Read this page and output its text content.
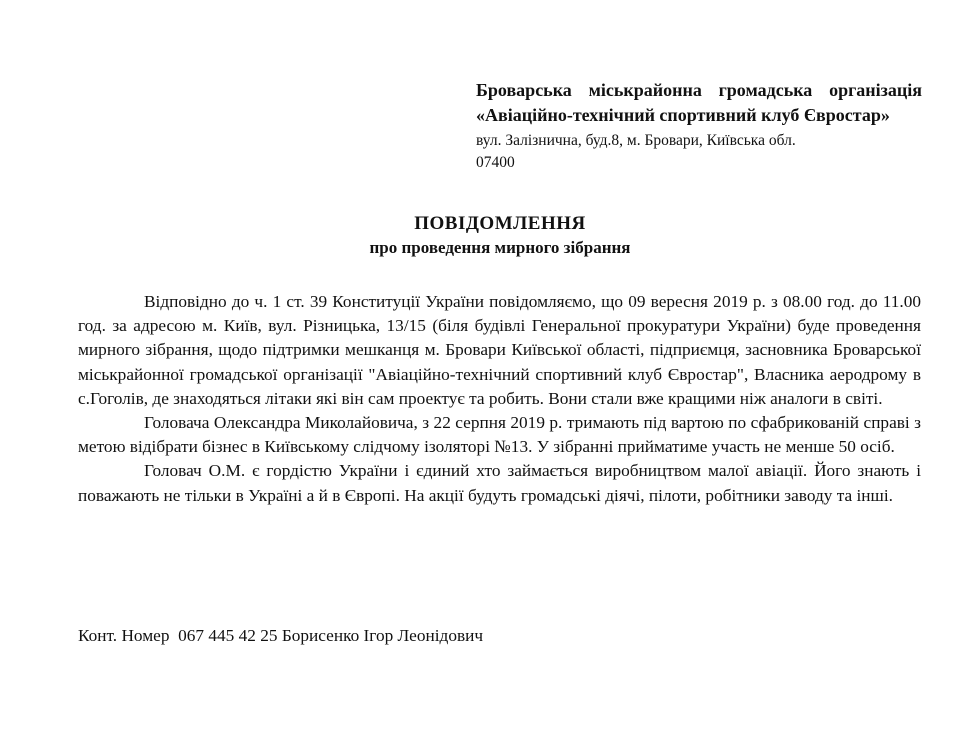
Броварська міськрайонна громадська організація «Авіаційно-технічний спортивний клуб Євростар»
вул. Залізнична, буд.8, м. Бровари, Київська обл.
07400
ПОВІДОМЛЕННЯ
про проведення мирного зібрання

Відповідно до ч. 1 ст. 39 Конституції України повідомляємо, що 09 вересня 2019 р. з 08.00 год. до 11.00 год. за адресою м. Київ, вул. Різницька, 13/15 (біля будівлі Генеральної прокуратури України) буде проведення мирного зібрання, щодо підтримки мешканця м. Бровари Київської області, підприємця, засновника Броварської міськрайонної громадської організації "Авіаційно-технічний спортивний клуб Євростар", Власника аеродрому в с.Гоголів, де знаходяться літаки які він сам проектує та робить. Вони стали вже кращими ніж аналоги в світі.

Головача Олександра Миколайовича, з 22 серпня 2019 р. тримають під вартою по сфабрикованій справі з метою відібрати бізнес в Київському слідчому ізоляторі №13. У зібранні прийматиме участь не менше 50 осіб.

Головач О.М. є гордістю України і єдиний хто займається виробництвом малої авіації. Його знають і поважають не тільки в Україні а й в Європі. На акції будуть громадські діячі, пілоти, робітники заводу та інші.

Конт. Номер  067 445 42 25 Борисенко Ігор Леонідович
